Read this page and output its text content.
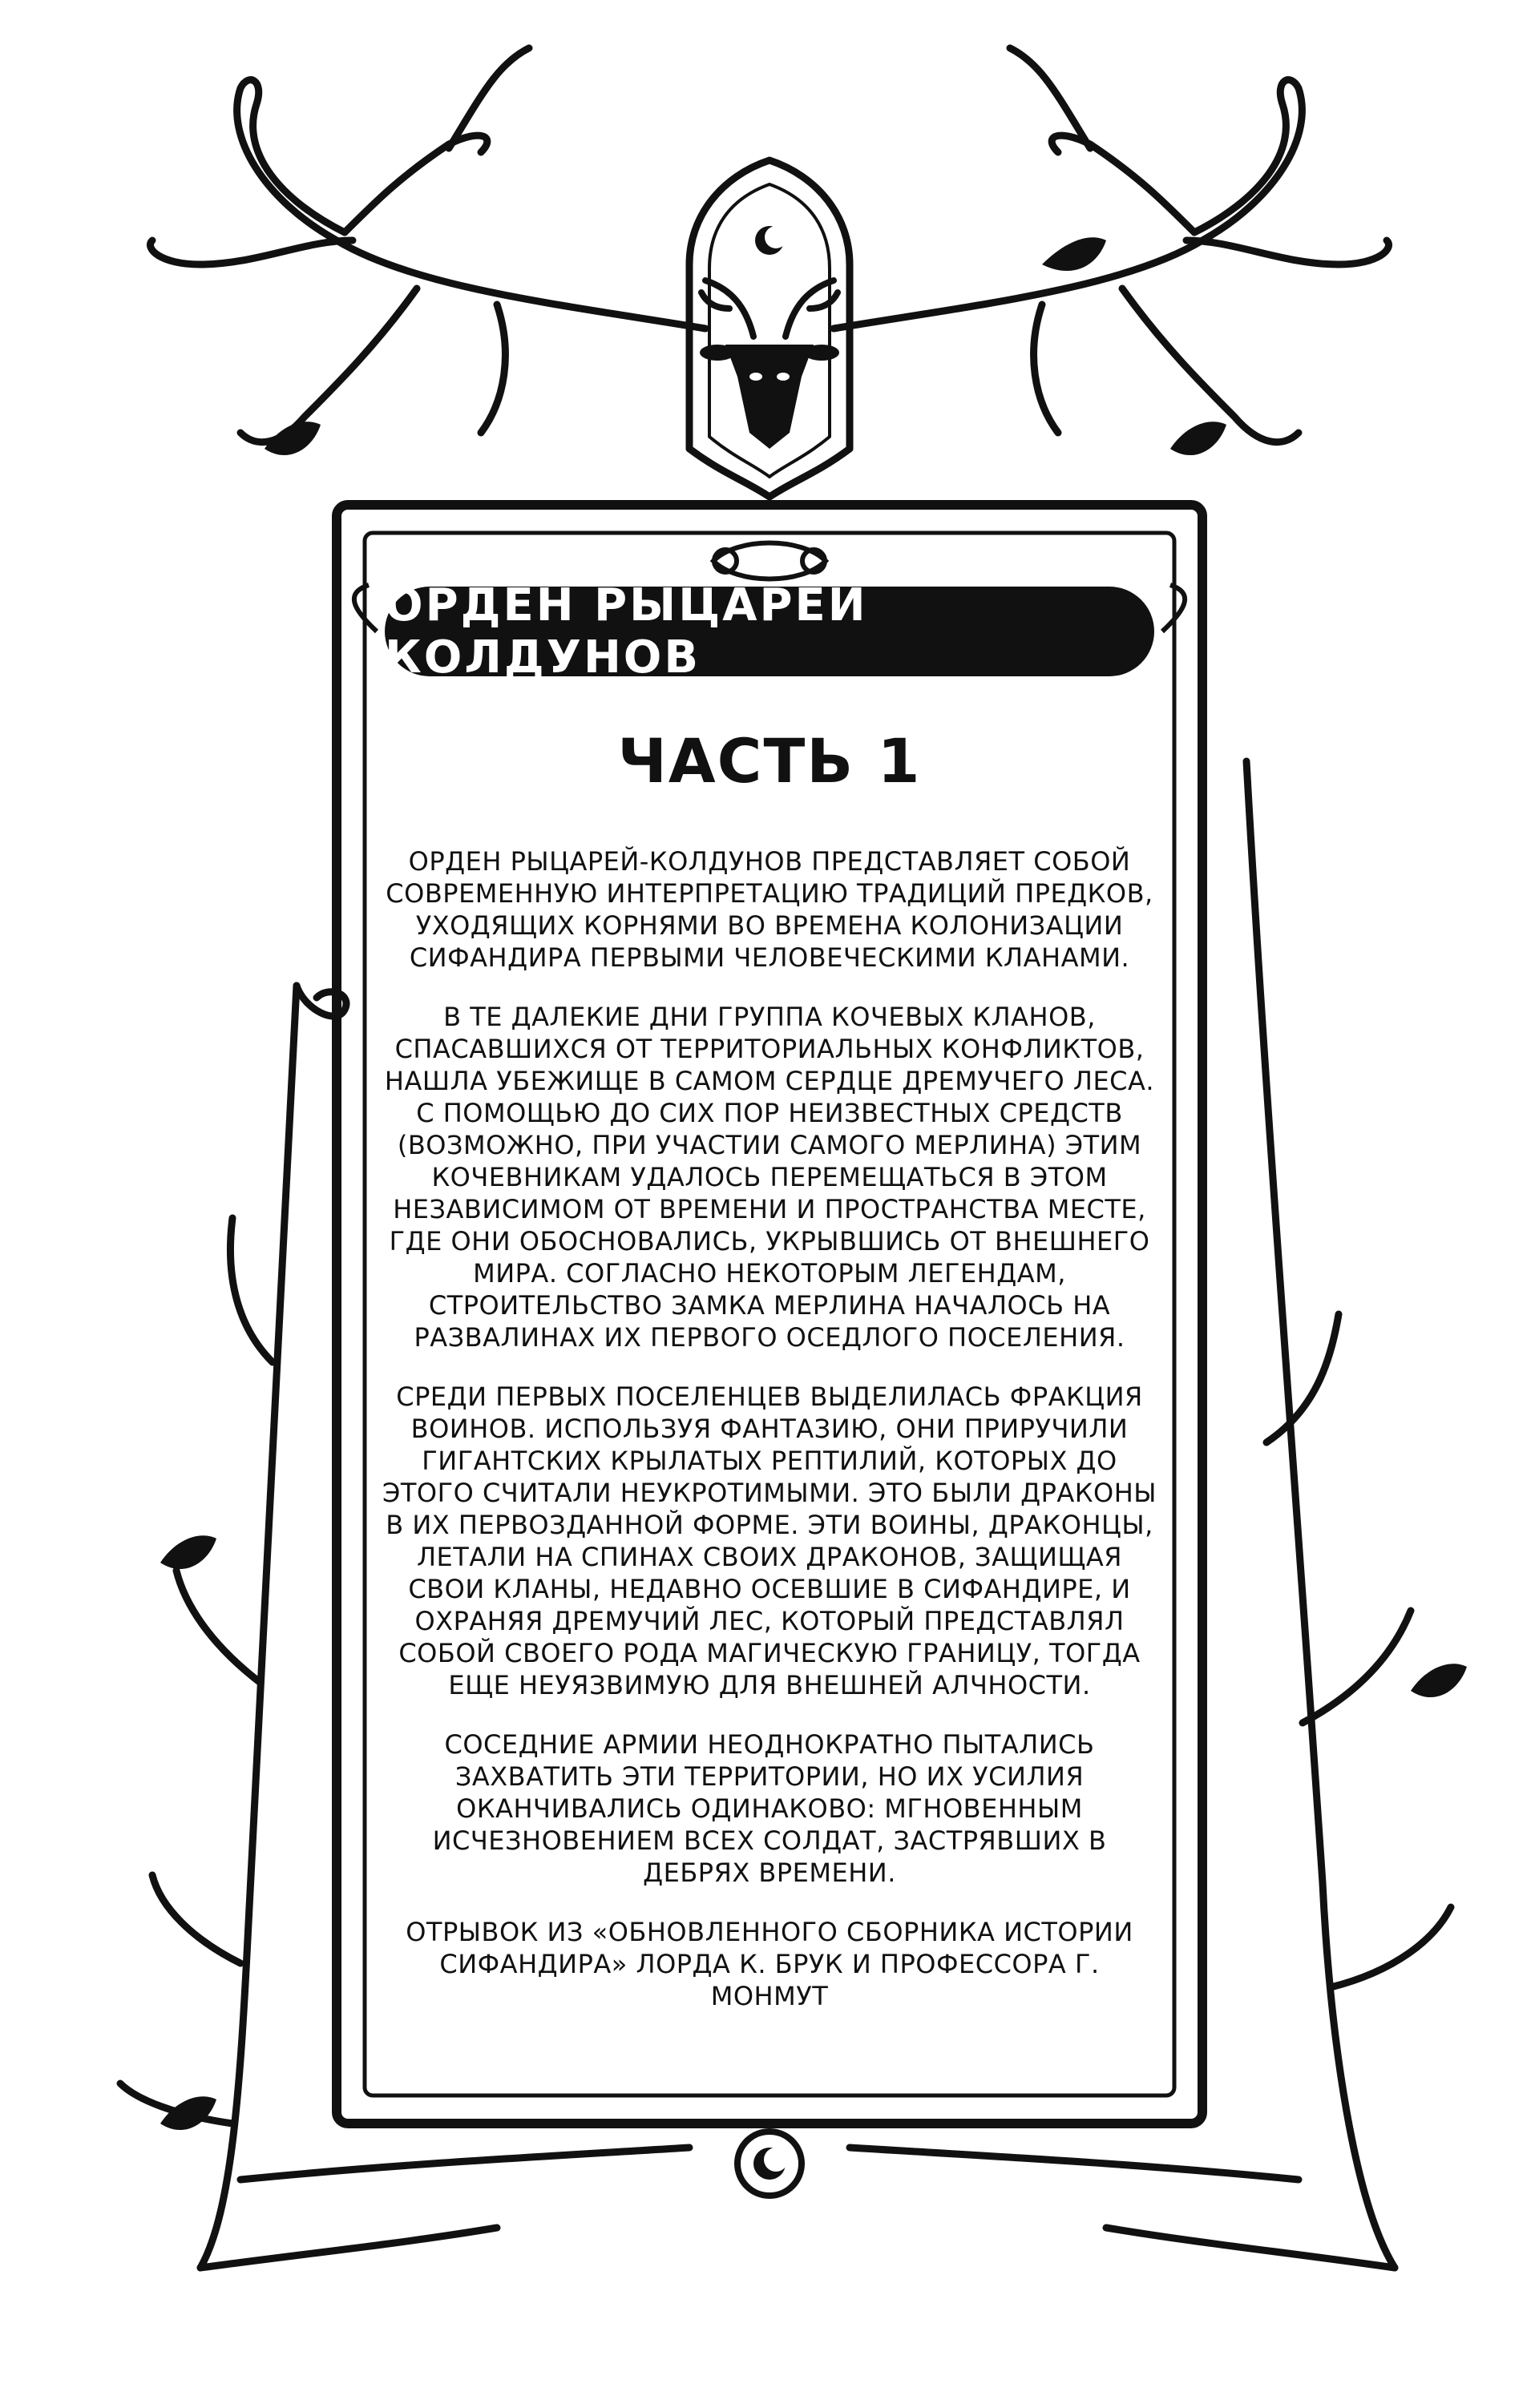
ОРДЕН РЫЦАРЕЙ КОЛДУНОВ
ЧАСТЬ 1

ОРДЕН РЫЦАРЕЙ-КОЛДУНОВ ПРЕДСТАВЛЯЕТ СОБОЙ СОВРЕМЕННУЮ ИНТЕРПРЕТАЦИЮ ТРАДИЦИЙ ПРЕДКОВ, УХОДЯЩИХ КОРНЯМИ ВО ВРЕМЕНА КОЛОНИЗАЦИИ СИФАНДИРА ПЕРВЫМИ ЧЕЛОВЕЧЕСКИМИ КЛАНАМИ.

В ТЕ ДАЛЕКИЕ ДНИ ГРУППА КОЧЕВЫХ КЛАНОВ, СПАСАВШИХСЯ ОТ ТЕРРИТОРИАЛЬНЫХ КОНФЛИКТОВ, НАШЛА УБЕЖИЩЕ В САМОМ СЕРДЦЕ ДРЕМУЧЕГО ЛЕСА. С ПОМОЩЬЮ ДО СИХ ПОР НЕИЗВЕСТНЫХ СРЕДСТВ (ВОЗМОЖНО, ПРИ УЧАСТИИ САМОГО МЕРЛИНА) ЭТИМ КОЧЕВНИКАМ УДАЛОСЬ ПЕРЕМЕЩАТЬСЯ В ЭТОМ НЕЗАВИСИМОМ ОТ ВРЕМЕНИ И ПРОСТРАНСТВА МЕСТЕ, ГДЕ ОНИ ОБОСНОВАЛИСЬ, УКРЫВШИСЬ ОТ ВНЕШНЕГО МИРА. СОГЛАСНО НЕКОТОРЫМ ЛЕГЕНДАМ, СТРОИТЕЛЬСТВО ЗАМКА МЕРЛИНА НАЧАЛОСЬ НА РАЗВАЛИНАХ ИХ ПЕРВОГО ОСЕДЛОГО ПОСЕЛЕНИЯ.

СРЕДИ ПЕРВЫХ ПОСЕЛЕНЦЕВ ВЫДЕЛИЛАСЬ ФРАКЦИЯ ВОИНОВ. ИСПОЛЬЗУЯ ФАНТАЗИЮ, ОНИ ПРИРУЧИЛИ ГИГАНТСКИХ КРЫЛАТЫХ РЕПТИЛИЙ, КОТОРЫХ ДО ЭТОГО СЧИТАЛИ НЕУКРОТИМЫМИ. ЭТО БЫЛИ ДРАКОНЫ В ИХ ПЕРВОЗДАННОЙ ФОРМЕ. ЭТИ ВОИНЫ, ДРАКОНЦЫ, ЛЕТАЛИ НА СПИНАХ СВОИХ ДРАКОНОВ, ЗАЩИЩАЯ СВОИ КЛАНЫ, НЕДАВНО ОСЕВШИЕ В СИФАНДИРЕ, И ОХРАНЯЯ ДРЕМУЧИЙ ЛЕС, КОТОРЫЙ ПРЕДСТАВЛЯЛ СОБОЙ СВОЕГО РОДА МАГИЧЕСКУЮ ГРАНИЦУ, ТОГДА ЕЩЕ НЕУЯЗВИМУЮ ДЛЯ ВНЕШНЕЙ АЛЧНОСТИ.

СОСЕДНИЕ АРМИИ НЕОДНОКРАТНО ПЫТАЛИСЬ ЗАХВАТИТЬ ЭТИ ТЕРРИТОРИИ, НО ИХ УСИЛИЯ ОКАНЧИВАЛИСЬ ОДИНАКОВО: МГНОВЕННЫМ ИСЧЕЗНОВЕНИЕМ ВСЕХ СОЛДАТ, ЗАСТРЯВШИХ В ДЕБРЯХ ВРЕМЕНИ.

ОТРЫВОК ИЗ «ОБНОВЛЕННОГО СБОРНИКА ИСТОРИИ СИФАНДИРА» ЛОРДА К. БРУК И ПРОФЕССОРА Г. МОНМУТ
